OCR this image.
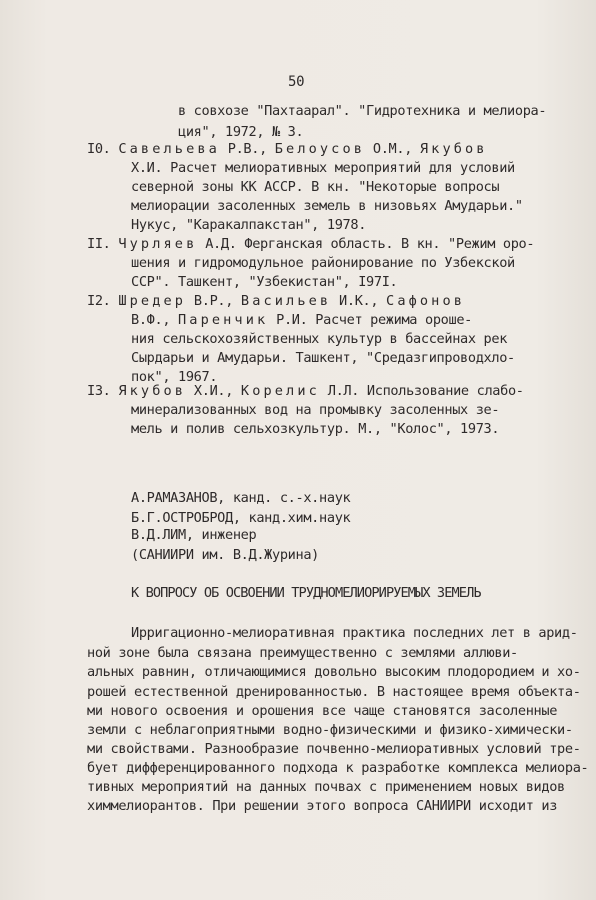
50
в совхозе "Пахтаарал". "Гидротехника и мелиора-
ция", 1972, № 3.
I0. Савельева Р.В., Белоусов О.М., Якубов
Х.И. Расчет мелиоративных мероприятий для условий
северной зоны КК АССР. В кн. "Некоторые вопросы
мелиорации засоленных земель в низовьях Амударьи."
Нукус, "Каракалпакстан", 1978.
II. Чурляев А.Д. Ферганская область. В кн. "Режим оро-
шения и гидромодульное районирование по Узбекской
ССР". Ташкент, "Узбекистан", I97I.
I2. Шредер В.Р., Васильев И.К., Сафонов
В.Ф., Паренчик Р.И. Расчет режима ороше-
ния сельскохозяйственных культур в бассейнах рек
Сырдарьи и Амударьи. Ташкент, "Средазгипроводхло-
пок", 1967.
I3. Якубов Х.И., Корелис Л.Л. Использование слабо-
минерализованных вод на промывку засоленных зе-
мель и полив сельхозкультур. М., "Колос", 1973.
А.РАМАЗАНОВ, канд. с.-х.наук
Б.Г.ОСТРОБРОД, канд.хим.наук
В.Д.ЛИМ, инженер
(САНИИРИ им. В.Д.Журина)
К ВОПРОСУ ОБ ОСВОЕНИИ ТРУДНОМЕЛИОРИРУЕМЫХ ЗЕМЕЛЬ
Ирригационно-мелиоративная практика последних лет в арид-
ной зоне была связана преимущественно с землями аллюви-
альных равнин, отличающимися довольно высоким плодородием и хо-
рошей естественной дренированностью. В настоящее время объекта-
ми нового освоения и орошения все чаще становятся засоленные
земли с неблагоприятными водно-физическими и физико-химически-
ми свойствами. Разнообразие почвенно-мелиоративных условий тре-
бует дифференцированного подхода к разработке комплекса мелиора-
тивных мероприятий на данных почвах с применением новых видов
химмелиорантов. При решении этого вопроса САНИИРИ исходит из
